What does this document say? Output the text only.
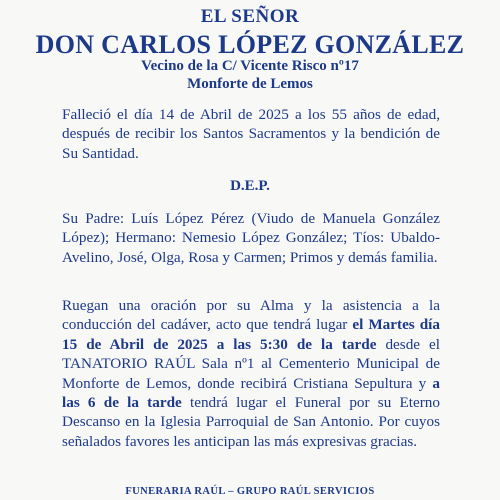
EL SEÑOR
DON CARLOS LÓPEZ GONZÁLEZ
Vecino de la C/ Vicente Risco nº17
Monforte de Lemos
Falleció el día 14 de Abril de 2025 a los 55 años de edad, después de recibir los Santos Sacramentos y la bendición de Su Santidad.
D.E.P.
Su Padre: Luís López Pérez (Viudo de Manuela González López); Hermano: Nemesio López González; Tíos: Ubaldo-Avelino, José, Olga, Rosa y Carmen; Primos y demás familia.
Ruegan una oración por su Alma y la asistencia a la conducción del cadáver, acto que tendrá lugar el Martes día 15 de Abril de 2025 a las 5:30 de la tarde desde el TANATORIO RAÚL Sala nº1 al Cementerio Municipal de Monforte de Lemos, donde recibirá Cristiana Sepultura y a las 6 de la tarde tendrá lugar el Funeral por su Eterno Descanso en la Iglesia Parroquial de San Antonio. Por cuyos señalados favores les anticipan las más expresivas gracias.
FUNERARIA RAÚL – GRUPO RAÚL SERVICIOS
